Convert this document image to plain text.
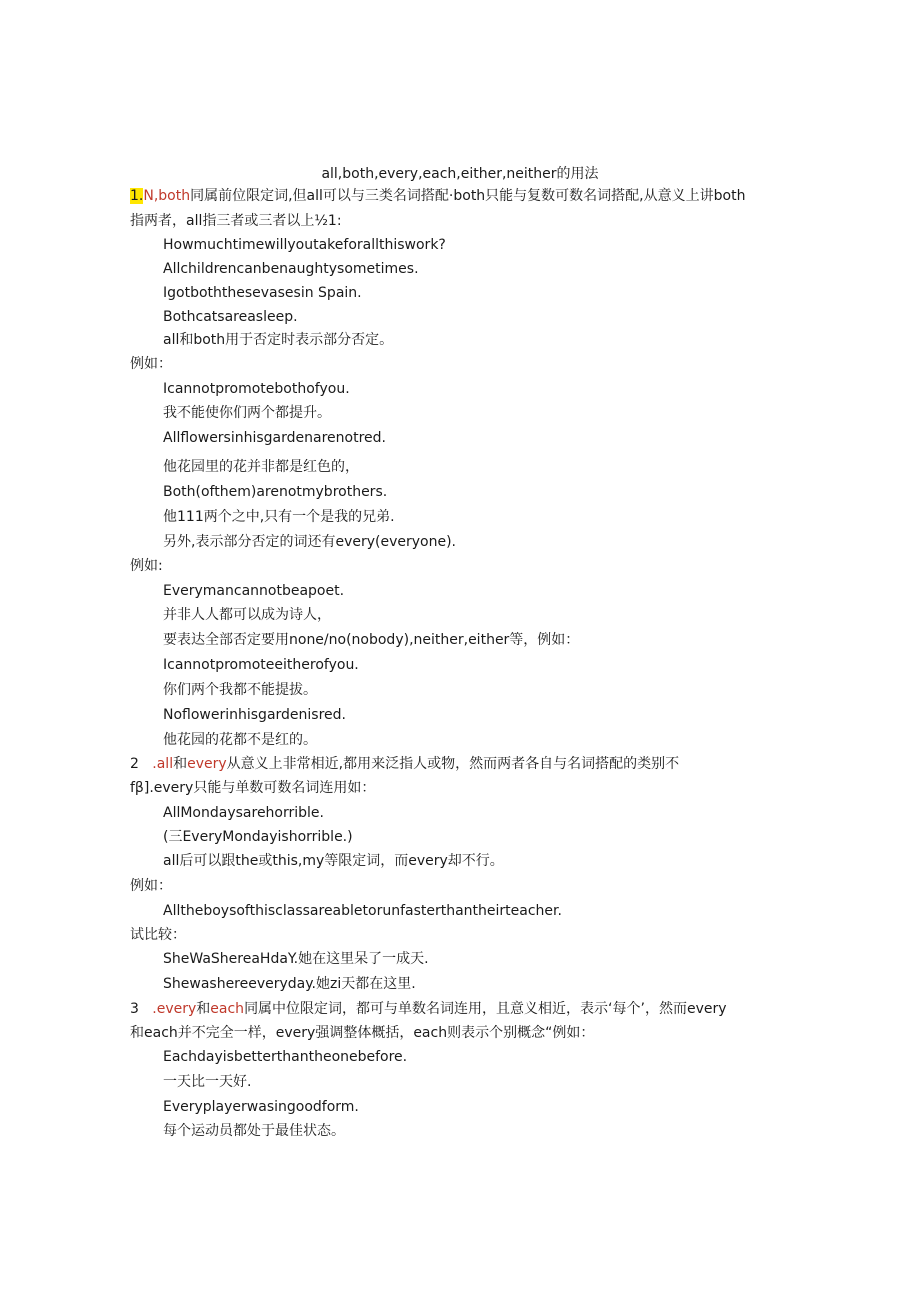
all,both,every,each,either,neither的用法
1.N,both同属前位限定词,但all可以与三类名词搭配·both只能与复数可数名词搭配,从意义上讲both
指两者，all指三者或三者以上½1:
Howmuchtimewillyoutakeforallthiswork?
Allchildrencanbenaughtysometimes.
Igotboththesevasesin Spain.
Bothcatsareasleep.
all和both用于否定时表示部分否定。
例如：
Icannotpromotebothofyou.
我不能使你们两个都提升。
Allflowersinhisgardenarenotred.
他花园里的花并非都是红色的，
Both(ofthem)arenotmybrothers.
他111两个之中,只有一个是我的兄弟.
另外,表示部分否定的词还有every(everyone).
例如:
Everymancannotbeapoet.
并非人人都可以成为诗人，
要表达全部否定要用none/no(nobody),neither,either等，例如：
Icannotpromoteeitherofyou.
你们两个我都不能提拔。
Noflowerinhisgardenisred.
他花园的花都不是红的。
2 .all和every从意义上非常相近,都用来泛指人或物，然而两者各自与名词搭配的类别不
fβ].every只能与单数可数名词连用如：
AllMondaysarehorrible.
(三EveryMondayishorrible.)
all后可以跟the或this,my等限定词，而every却不行。
例如：
Alltheboysofthisclassareabletorunfasterthantheirteacher.
试比较：
SheWaShereaHdaY.她在这里呆了一成天.
Shewashereeveryday.她zi天都在这里.
3 .every和each同属中位限定词，都可与单数名词连用，且意义相近，表示‘每个’，然而every
和each并不完全一样，every强调整体概括，each则表示个别概念“例如：
Eachdayisbetterthantheonebefore.
一天比一天好.
Everyplayerwasingoodform.
每个运动员都处于最佳状态。
